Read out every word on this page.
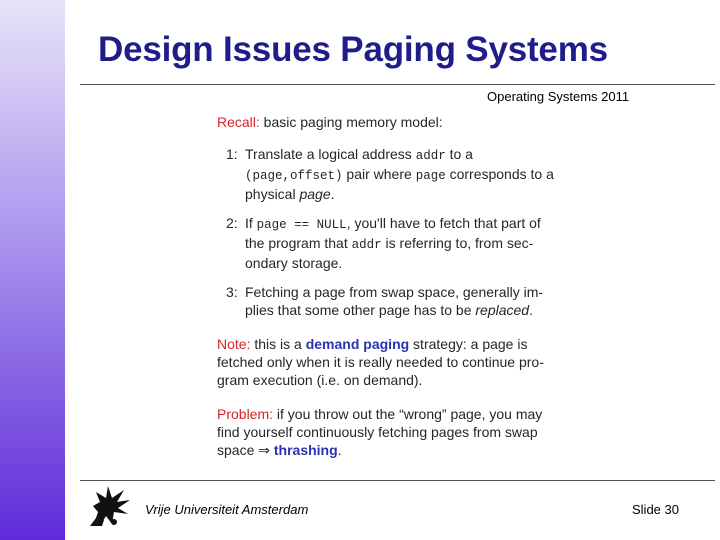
Design Issues Paging Systems
Operating Systems 2011
Recall: basic paging memory model:
1: Translate a logical address addr to a (page,offset) pair where page corresponds to a physical page.
2: If page == NULL, you'll have to fetch that part of the program that addr is referring to, from sec-ondary storage.
3: Fetching a page from swap space, generally im-plies that some other page has to be replaced.
Note: this is a demand paging strategy: a page is fetched only when it is really needed to continue pro-gram execution (i.e. on demand).
Problem: if you throw out the “wrong” page, you may find yourself continuously fetching pages from swap space ⇒ thrashing.
Vrije Universiteit Amsterdam	Slide 30
